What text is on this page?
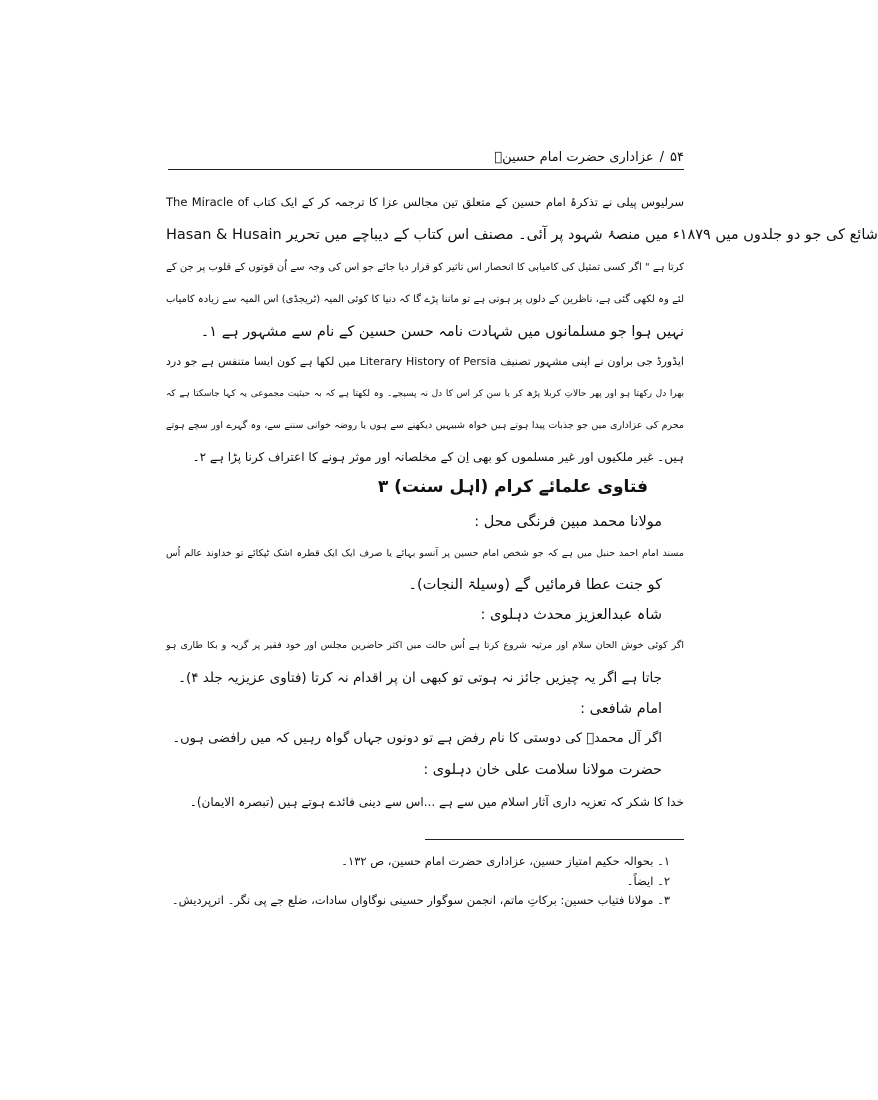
۵۴
/
عزاداری حضرت امام حسینؑ
سرلیوس پیلی نے تذکرۂ امام حسین کے متعلق تین مجالس عزا کا ترجمہ کر کے ایک کتاب The Miracle of
Hasan & Husain شائع کی جو دو جلدوں میں ۱۸۷۹ء میں منصۂ شہود پر آئی۔ مصنف اس کتاب کے دیباچے میں تحریر
کرتا ہے " اگر کسی تمثیل کی کامیابی کا انحصار اس تاثیر کو قرار دیا جائے جو اس کی وجہ سے اُن قوتوں کے قلوب پر جن کے
لئے وہ لکھی گئی ہے، ناظرین کے دلوں پر ہوتی ہے تو ماننا پڑے گا کہ دنیا کا کوئی المیہ (ٹریجڈی) اس المیہ سے زیادہ کامیاب
نہیں ہوا جو مسلمانوں میں شہادت نامہ حسن حسین کے نام سے مشہور ہے ۱۔
ایڈورڈ جی براون نے اپنی مشہور تصنیف Literary History of Persia میں لکھا ہے کون ایسا متنفس ہے جو درد
بھرا دل رکھتا ہو اور پھر حالاتِ کربلا پڑھ کر یا سن کر اس کا دل نہ پسیجے۔ وہ لکھتا ہے کہ بہ حیثیت مجموعی یہ کہا جاسکتا ہے کہ
محرم کی عزاداری میں جو جذبات پیدا ہوتے ہیں خواہ شبیہیں دیکھنے سے ہوں یا روضہ خوانی سننے سے، وہ گہرے اور سچے ہوتے
ہیں۔ غیر ملکیوں اور غیر مسلموں کو بھی اِن کے مخلصانہ اور موثر ہونے کا اعتراف کرنا پڑا ہے ۲۔
فتاوی علمائے کرام (اہل سنت) ۳
مولانا محمد مبین فرنگی محل :
مسند امام احمد حنبل میں ہے کہ جو شخص امام حسین پر آنسو بہائے یا صرف ایک ایک قطرہ اشک ٹپکائے تو خداوند عالم اُس
کو جنت عطا فرمائیں گے (وسیلۃ النجات)۔
شاہ عبدالعزیز محدث دہلوی :
اگر کوئی خوش الحان سلام اور مرثیہ شروع کرتا ہے اُس حالت میں اکثر حاضرین مجلس اور خود فقیر پر گریہ و بکا طاری ہو
جاتا ہے اگر یہ چیزیں جائز نہ ہوتی تو کبھی ان پر اقدام نہ کرتا (فتاوی عزیزیہ جلد ۴)۔
امام شافعی :
اگر آل محمدؐ کی دوستی کا نام رفض ہے تو دونوں جہاں گواہ رہیں کہ میں رافضی ہوں۔
حضرت مولانا سلامت علی خان دہلوی :
خدا کا شکر کہ تعزیہ داری آثار اسلام میں سے ہے ...اس سے دینی فائدے ہوتے ہیں (تبصرہ الایمان)۔
۱۔ بحوالہ حکیم امتیاز حسین، عزاداری حضرت امام حسین، ص ۱۳۲۔
۲۔ ایضاً۔
۳۔ مولانا فتیاب حسین: برکاتِ ماتم، انجمن سوگوار حسینی نوگاواں سادات، ضلع جے پی نگر۔ اترپردیش۔
